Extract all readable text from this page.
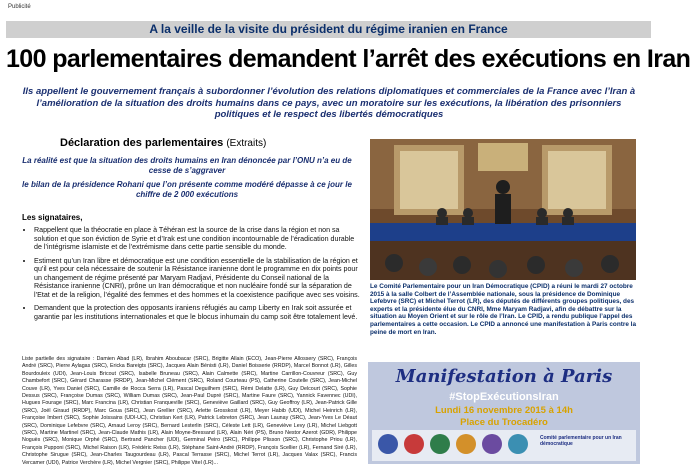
Publicité
A la veille de la visite du président du régime iranien en France
100 parlementaires demandent l’arrêt des exécutions en Iran
Ils appellent le gouvernement français à subordonner l’évolution des relations diplomatiques et commerciales de la France avec l’Iran à l’amélioration de la situation des droits humains dans ce pays, avec un moratoire sur les exécutions, la libération des prisonniers politiques et le respect des libertés démocratiques
Déclaration des parlementaires (Extraits)
La réalité est que la situation des droits humains en Iran dénoncée par l’ONU n’a eu de cesse de s’aggraver
le bilan de la présidence Rohani que l’on présente comme modéré dépasse à ce jour le chiffre de 2 000 exécutions
Les signataires,
• Rappellent que la théocratie en place à Téhéran est la source de la crise dans la région et non sa solution et que son éviction de Syrie et d’Irak est une condition incontournable de l’éradication durable de l’intégrisme islamiste et de l’extrémisme dans cette partie sensible du monde.
• Estiment qu’un Iran libre et démocratique est une condition essentielle de la stabilisation de la région et qu’il est pour cela nécessaire de soutenir la Résistance iranienne dont le programme en dix points pour un changement de régime présenté par Maryam Radjavi, Présidente du Conseil national de la Résistance iranienne (CNRI), prône un Iran démocratique et non nucléaire fondé sur la séparation de l’Etat et de la religion, l’égalité des femmes et des hommes et la coexistence pacifique avec ses voisins.
• Demandent que la protection des opposants iraniens réfugiés au camp Liberty en Irak soit assurée et garantie par les institutions internationales et que le blocus inhumain du camp soit être totalement levé.
Liste partielle des signataire : Damien Abad (LR), Ibrahim Aboubacar (SRC), Brigitte Allain (ECO), Jean-Pierre Allossery (SRC), François André (SRC), Pierre Aylagas (SRC), Ericka Bareigts (SRC), Jacques Alain Bénisti (LR), Daniel Boisserie (RRDP), Marcel Bonnot (LR), Gilles Bourdouleix (UDI), Jean-Louis Bricout (SRC), Isabelle Bruneau (SRC), Alain Calmette (SRC), Martine Carrillon-Couvreur (SRC), Guy Chambefort (SRC), Gérard Charasse (RRDP), Jean-Michel Clément (SRC), Roland Courteau (PS), Catherine Coutelle (SRC), Jean-Michel Couve (LR), Yves Daniel (SRC), Camille de Rocca Serra (LR), Pascal Deguilhem (SRC), Rémi Delatte (LR), Guy Delcourt (SRC), Sophie Dessus (SRC), Françoise Dumas (SRC), William Dumas (SRC), Jean-Paul Dupré (SRC), Martine Faure (SRC), Yannick Favennec (UDI), Hugues Fourage (SRC), Marc Francina (LR), Christian Franqueville (SRC), Geneviève Gaillard (SRC), Guy Geoffroy (LR), Jean-Patrick Gille (SRC), Joël Giraud (RRDP), Marc Goua (SRC), Jean Grellier (SRC), Arlette Grosskost (LR), Meyer Habib (UDI), Michel Heinrich (LR), Françoise Imbert (SRC), Sophie Joissains (UDI-UC), Christian Kert (LR), Patrick Lebreton (SRC), Jean Launay (SRC), Jean-Yves Le Déaut (SRC), Dominique Lefebvre (SRC), Arnaud Leroy (SRC), Bernard Lesterlin (SRC), Céleste Lett (LR), Geneviève Levy (LR), Michel Liebgott (SRC), Martine Martinel (SRC), Jean-Claude Mathis (LR), Alain Moyne-Bressand (LR), Alain Néri (PS), Bruno Nestor Azerot (GDR), Philippe Noguès (SRC), Monique Orphé (SRC), Bertrand Pancher (UDI), Germinal Peiro (SRC), Philippe Plisson (SRC), Christophe Priou (LR), François Pupponi (SRC), Michel Raison (LR), Frédéric Reiss (LR), Stéphane Saint-André (RRDP), François Scellier (LR), Fernand Siré (LR), Christophe Sirugue (SRC), Jean-Charles Taugourdeau (LR), Pascal Terrasse (SRC), Michel Terrot (LR), Jacques Valax (SRC), Francis Vercamer (UDI), Patrice Verchère (LR), Michel Vergnier (SRC), Philippe Vitel (LR)...
Le Comité Parlementaire pour un Iran Démocratique (CPID) a réuni le mardi 27 octobre 2015 à la salle Colbert de l’Assemblée nationale, sous la présidence de Dominique Lefebvre (SRC) et Michel Terrot (LR), des députés de différents groupes politiques, des experts et la présidente élue du CNRI, Mme Maryam Radjavi, afin de débattre sur la situation au Moyen Orient et sur le rôle de l’Iran. Le CPID, a rendu publique l’appel des parlementaires a cette occasion. Le CPID a annoncé une manifestation à Paris contre la peine de mort en Iran.
Manifestation à Paris
#StopExécutionsIran
Lundi 16 novembre 2015 à 14h
Place du Trocadéro
Comité parlementaire pour un Iran démocratique
